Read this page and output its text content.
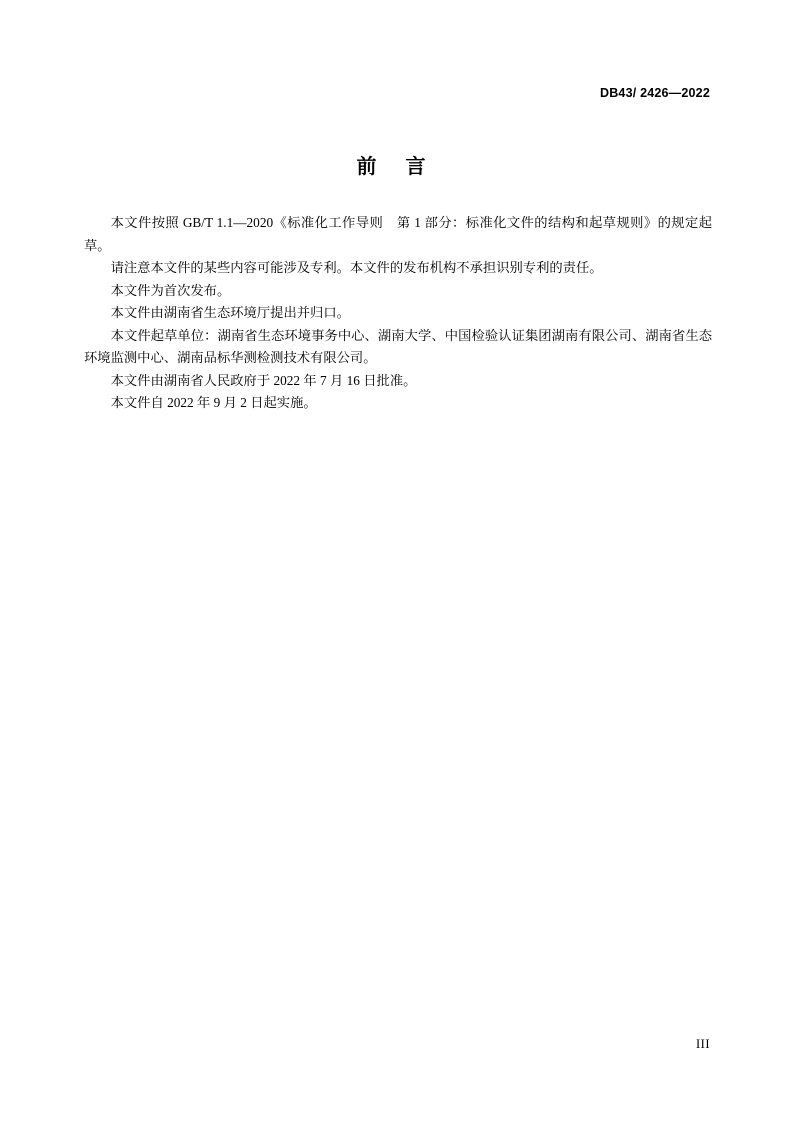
DB43/ 2426—2022
前 言

本文件按照 GB/T 1.1—2020《标准化工作导则　第 1 部分：标准化文件的结构和起草规则》的规定起草。

请注意本文件的某些内容可能涉及专利。本文件的发布机构不承担识别专利的责任。

本文件为首次发布。

本文件由湖南省生态环境厅提出并归口。

本文件起草单位：湖南省生态环境事务中心、湖南大学、中国检验认证集团湖南有限公司、湖南省生态环境监测中心、湖南品标华测检测技术有限公司。

本文件由湖南省人民政府于 2022 年 7 月 16 日批准。

本文件自 2022 年 9 月 2 日起实施。

III
